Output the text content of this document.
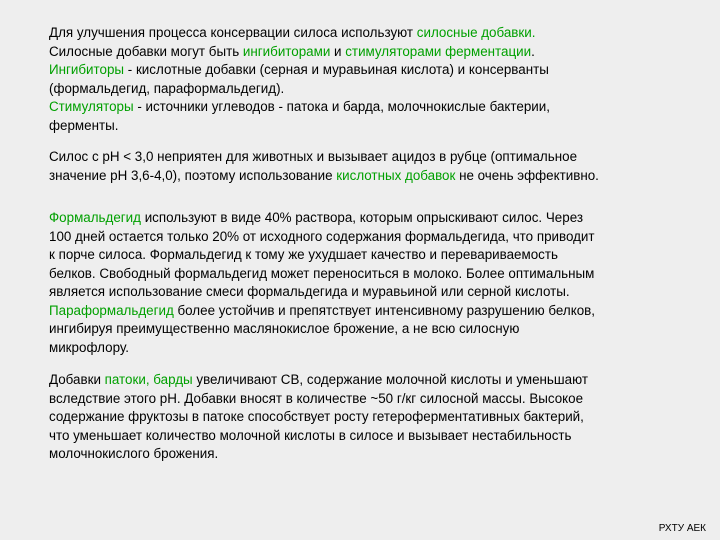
Для улучшения процесса консервации силоса используют силосные добавки.
Силосные добавки могут быть ингибиторами и стимуляторами ферментации.
Ингибиторы - кислотные добавки (серная и муравьиная кислота) и консерванты
(формальдегид, параформальдегид).
Стимуляторы - источники углеводов - патока и барда, молочнокислые бактерии,
ферменты.

Силос с рН < 3,0 неприятен для животных и вызывает ацидоз в рубце (оптимальное
значение рН 3,6-4,0), поэтому использование кислотных добавок не очень эффективно.

Формальдегид используют в виде 40% раствора, которым опрыскивают силос. Через
100 дней остается только 20% от исходного содержания формальдегида, что приводит
к порче силоса. Формальдегид к тому же ухудшает качество и перевариваемость
белков. Свободный формальдегид может переноситься в молоко. Более оптимальным
является использование смеси формальдегида и муравьиной или серной кислоты.
Параформальдегид более устойчив и препятствует интенсивному разрушению белков,
ингибируя преимущественно маслянокислое брожение, а не всю силосную
микрофлору.

Добавки патоки, барды увеличивают СВ, содержание молочной кислоты и уменьшают
вследствие этого рН. Добавки вносят в количестве ~50 г/кг силосной массы. Высокое
содержание фруктозы в патоке способствует росту гетероферментативных бактерий,
что уменьшает количество молочной кислоты в силосе и вызывает нестабильность
молочнокислого брожения.

РХТУ АЕК
